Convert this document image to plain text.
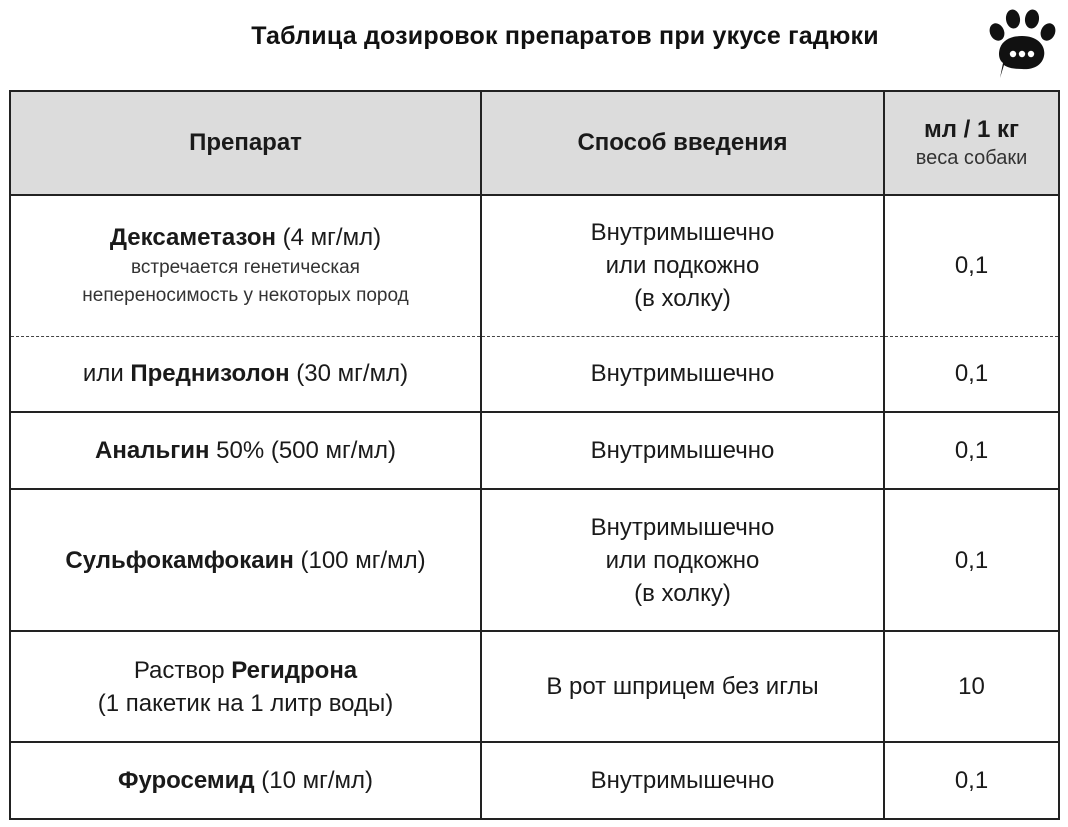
Таблица дозировок препаратов при укусе гадюки
Препарат	Способ введения	мл / 1 кг
веса собаки

Дексаметазон (4 мг/мл)
встречается генетическая
непереносимость у некоторых пород	Внутримышечно
или подкожно
(в холку)	0,1
или Преднизолон (30 мг/мл)	Внутримышечно	0,1
Анальгин 50% (500 мг/мл)	Внутримышечно	0,1
Сульфокамфокаин (100 мг/мл)	Внутримышечно
или подкожно
(в холку)	0,1

Раствор Регидрона
(1 пакетик на 1 литр воды)	В рот шприцем без иглы	10
Фуросемид (10 мг/мл)	Внутримышечно	0,1
